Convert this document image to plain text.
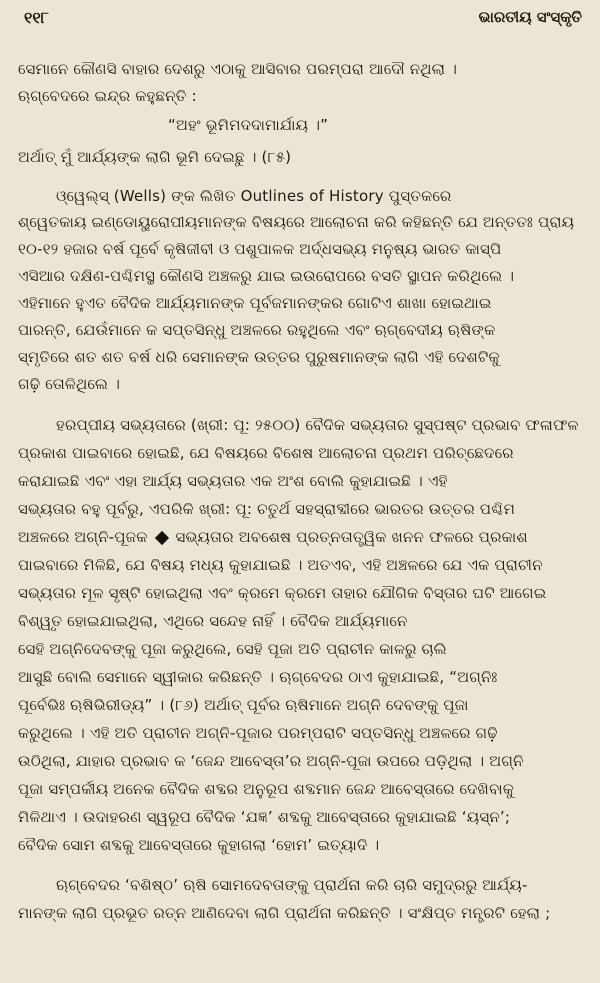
୧୧୮	ଭାରତୀୟ ସଂସ୍କୃତି
ସେମାନେ କୌଣସି ବାହାର ଦେଶରୁ ଏଠାକୁ ଆସିବାର ପରମ୍ପରା ଆଦୌ ନଥିଲା ।
ଋଗ୍‌ବେଦରେ ଇନ୍ଦ୍ର କହୁଛନ୍ତି :
“ଅହଂ ଭୂମିମଦଦାମାର୍ଯାୟ ।”
ଅର୍ଥାତ୍ ମୁଁ ଆର୍ଯ୍ୟଙ୍କ ଲାଗି ଭୂମି ଦେଇଛୁ । (୮୫)
ଓ୍ୱେଲ୍‌ସ୍ (Wells) ଙ୍କ ଲିଖିତ Outlines of History ପୁସ୍ତକରେ
ଶ୍ୱେତକାୟ ଇଣ୍ଡୋୟୁରୋପୀୟମାନଙ୍କ ବିଷୟରେ ଆଲୋଚନା କରି କହିଛନ୍ତି ଯେ ଅନ୍ତତଃ ପ୍ରାୟ
୧୦-୧୨ ହଜାର ବର୍ଷ ପୂର୍ବେ କୃଷିଜୀବୀ ଓ ପଶୁପାଳକ ଅର୍ଦ୍ଧସଭ୍ୟ ମନୁଷ୍ୟ ଭାରତ କାସ୍ପି
ଏସିଆର ଦକ୍ଷିଣ-ପଶ୍ଚିମସ୍ଥ କୌଣସି ଅଞ୍ଚଳରୁ ଯାଇ ଇଉରୋପରେ ବସତି ସ୍ଥାପନ କରିଥିଲେ ।
ଏହିମାନେ ହୁଏତ ବୈଦିକ ଆର୍ଯ୍ୟମାନଙ୍କ ପୂର୍ବଜମାନଙ୍କର ଗୋଟିଏ ଶାଖା ହୋଇଥାଇ
ପାରନ୍ତି, ଯେଉଁମାନେ କ ସପ୍ତସିନ୍ଧୁ ଅଞ୍ଚଳରେ ରହୁଥିଲେ ଏବଂ ଋଗ୍‌ବେଦୀୟ ଋଷିଙ୍କ
ସ୍ମୃତିରେ ଶତ ଶତ ବର୍ଷ ଧରି ସେମାନଙ୍କ ଉତ୍ତର ପୁରୁଷମାନଙ୍କ ଲାଗି ଏହି ଦେଶଟିକୁ
ଗଢ଼ି ତୋଳିଥିଲେ ।
ହରପ୍ପୀୟ ସଭ୍ୟତାରେ (ଖ୍ରୀ: ପୂ: ୨୫୦୦) ବୈଦିକ ସଭ୍ୟତାର ସୁସ୍ପଷ୍ଟ ପ୍ରଭାବ ଫଳାଫଳ
ପ୍ରକାଶ ପାଇବାରେ ହୋଇଛି, ଯେ ବିଷୟରେ ବିଶେଷ ଆଲୋଚନା ପ୍ରଥମ ପରିଚ୍ଛେଦରେ
କରାଯାଇଛି ଏବଂ ଏହା ଆର୍ଯ୍ୟ ସଭ୍ୟତାର ଏକ ଅଂଶ ବୋଲି କୁହାଯାଇଛି । ଏହି
ସଭ୍ୟତାର ବହୁ ପୂର୍ବରୁ, ଏପରିକି ଖ୍ରୀ: ପୂ: ଚତୁର୍ଥ ସହସ୍ରାବ୍ଦୀରେ ଭାରତର ଉତ୍ତର ପଶ୍ଚିମ
ଅଞ୍ଚଳରେ ଅଗ୍ନି-ପୂଜକ ସଭ୍ୟତାର ଅବଶେଷ ପ୍ରତ୍ନତାତ୍ତ୍ୱିକ ଖନନ ଫଳରେ ପ୍ରକାଶ
ପାଇବାରେ ମିଳିଛି, ଯେ ବିଷୟ ମଧ୍ୟ କୁହାଯାଇଛି । ଅତଏବ, ଏହି ଅଞ୍ଚଳରେ ଯେ ଏକ ପ୍ରାଚୀନ
ସଭ୍ୟତାର ମୂଳ ସୃଷ୍ଟି ହୋଇଥିଲା ଏବଂ କ୍ରମେ କ୍ରମେ ତାହାର ଯୌଗିକ ବିସ୍ତାର ଘଟି ଆଗେଇ
ବିଶ୍ୱୃତ ହୋଇଯାଇଥିଲା, ଏଥିରେ ସନ୍ଦେହ ନାହିଁ । ବୈଦିକ ଆର୍ଯ୍ୟମାନେ
ସେହି ଅଗ୍ନିଦେବଙ୍କୁ ପୂଜା କରୁଥିଲେ, ସେହି ପୂଜା ଅତି ପ୍ରାଚୀନ କାଳରୁ ଚାଲି
ଆସୁଛି ବୋଲି ସେମାନେ ସ୍ୱୀକାର କରିଛନ୍ତି । ଋଗ୍‌ବେଦର ଠାଏ କୁହାଯାଇଛି, “ଅଗ୍ନିଃ
ପୂର୍ବେଭିଃ ଋଷିଭିରୀଡ୍ୟ” । (୮୬) ଅର୍ଥାତ୍ ପୂର୍ବର ଋଷିମାନେ ଅଗ୍ନି ଦେବଙ୍କୁ ପୂଜା
କରୁଥିଲେ । ଏହି ଅତି ପ୍ରାଚୀନ ଅଗ୍ନି-ପୂଜାର ପରମ୍ପରାଟି ସପ୍ତସିନ୍ଧୁ ଅଞ୍ଚଳରେ ଗଢ଼ି
ଉଠିଥିଲା, ଯାହାର ପ୍ରଭାବ କ ‘ଜେନ୍ଦ ଆବେସ୍ତା’ର ଅଗ୍ନି-ପୂଜା ଉପରେ ପଡ଼ିଥିଲା । ଅଗ୍ନି
ପୂଜା ସମ୍ପର୍କୀୟ ଅନେକ ବୈଦିକ ଶବ୍ଦର ଅନୁରୂପ ଶବ୍ଦମାନ ଜେନ୍ଦ ଆବେସ୍ତାରେ ଦେଖିବାକୁ
ମିଳିଥାଏ । ଉଦାହରଣ ସ୍ୱରୂପ ବୈଦିକ ‘ଯଜ୍ଞ’ ଶବ୍ଦକୁ ଆବେସ୍ତାରେ କୁହାଯାଇଛି ‘ୟସ୍ନ’;
ବୈଦିକ ସୋମ ଶବ୍ଦକୁ ଆବେସ୍ତାରେ କୁହାଗଲା ‘ହୋମ’ ଇତ୍ୟାଦି ।
ଋଗ୍‌ବେଦର ‘ବଶିଷ୍ଠ’ ଋଷି ସୋମଦେବତାଙ୍କୁ ପ୍ରାର୍ଥନା କରି ଚାରି ସମୁଦ୍ରରୁ ଆର୍ଯ୍ୟ-
ମାନଙ୍କ ଲାଗି ପ୍ରଭୂତ ରତ୍ନ ଆଣିଦେବା ଲାଗି ପ୍ରାର୍ଥନା କରିଛନ୍ତି । ସଂକ୍ଷିପ୍ତ ମନ୍ତ୍ରଟି ହେଲା ;
